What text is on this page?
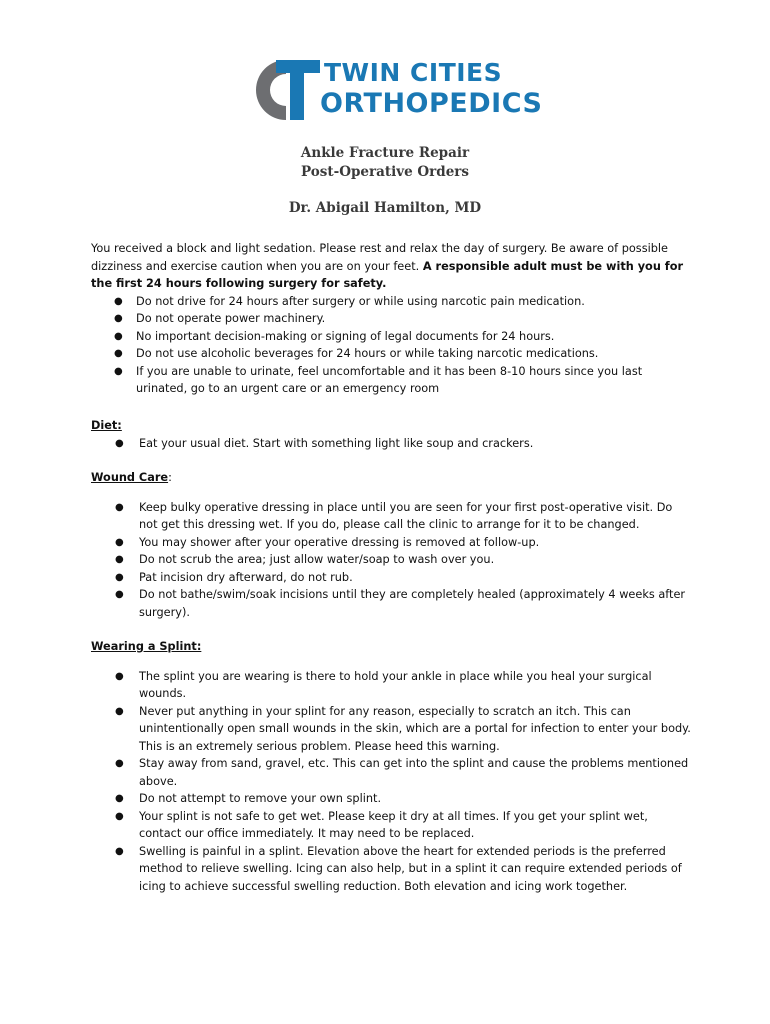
TWIN CITIES
ORTHOPEDICS
Ankle Fracture Repair
Post-Operative Orders
Dr. Abigail Hamilton, MD
You received a block and light sedation. Please rest and relax the day of surgery. Be aware of possible dizziness and exercise caution when you are on your feet. A responsible adult must be with you for the first 24 hours following surgery for safety.
● Do not drive for 24 hours after surgery or while using narcotic pain medication.
● Do not operate power machinery.
● No important decision-making or signing of legal documents for 24 hours.
● Do not use alcoholic beverages for 24 hours or while taking narcotic medications.
● If you are unable to urinate, feel uncomfortable and it has been 8-10 hours since you last urinated, go to an urgent care or an emergency room
Diet:
● Eat your usual diet. Start with something light like soup and crackers.
Wound Care:
● Keep bulky operative dressing in place until you are seen for your first post-operative visit. Do not get this dressing wet. If you do, please call the clinic to arrange for it to be changed.
● You may shower after your operative dressing is removed at follow-up.
● Do not scrub the area; just allow water/soap to wash over you.
● Pat incision dry afterward, do not rub.
● Do not bathe/swim/soak incisions until they are completely healed (approximately 4 weeks after surgery).
Wearing a Splint:
● The splint you are wearing is there to hold your ankle in place while you heal your surgical wounds.
● Never put anything in your splint for any reason, especially to scratch an itch. This can unintentionally open small wounds in the skin, which are a portal for infection to enter your body. This is an extremely serious problem. Please heed this warning.
● Stay away from sand, gravel, etc. This can get into the splint and cause the problems mentioned above.
● Do not attempt to remove your own splint.
● Your splint is not safe to get wet. Please keep it dry at all times. If you get your splint wet, contact our office immediately. It may need to be replaced.
● Swelling is painful in a splint. Elevation above the heart for extended periods is the preferred method to relieve swelling. Icing can also help, but in a splint it can require extended periods of icing to achieve successful swelling reduction. Both elevation and icing work together.
